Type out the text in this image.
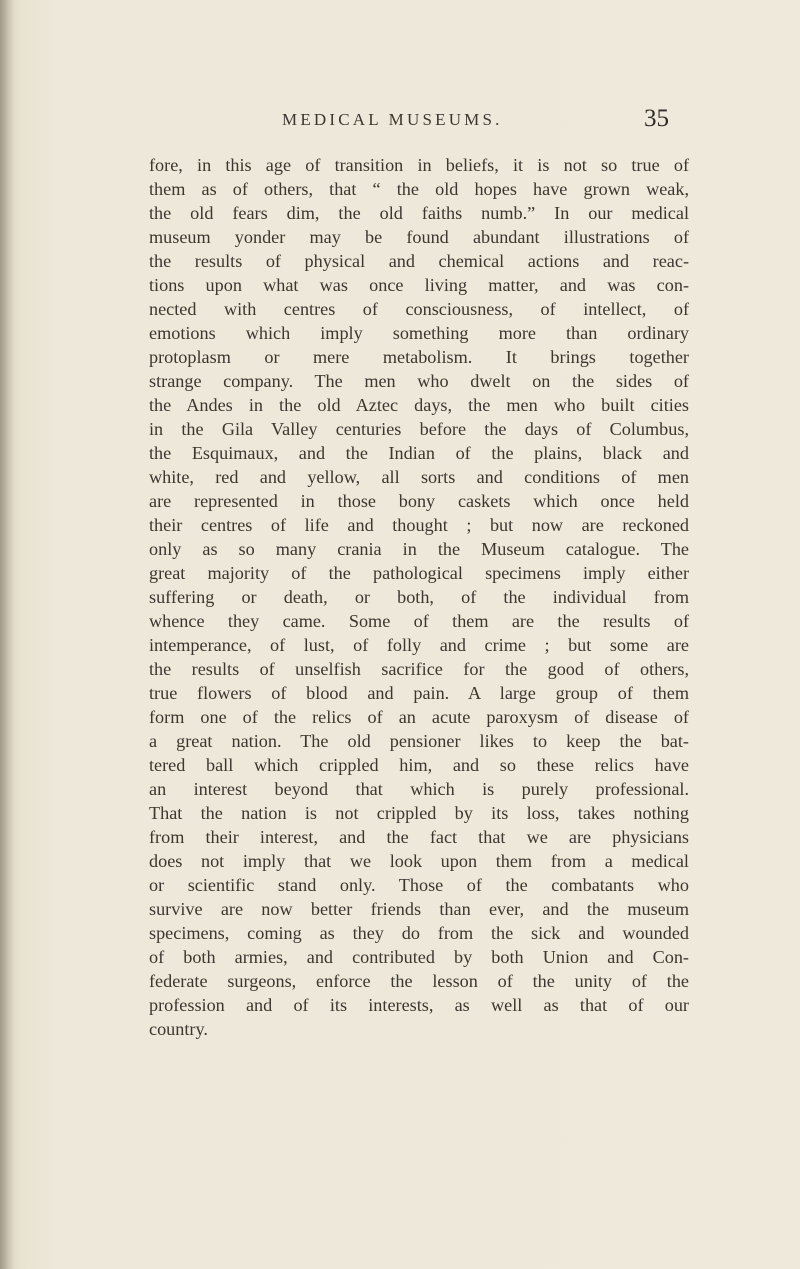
MEDICAL MUSEUMS.	35
fore, in this age of transition in beliefs, it is not so true of
them as of others, that “ the old hopes have grown weak,
the old fears dim, the old faiths numb.” In our medical
museum yonder may be found abundant illustrations of
the results of physical and chemical actions and reac-
tions upon what was once living matter, and was con-
nected with centres of consciousness, of intellect, of
emotions which imply something more than ordinary
protoplasm or mere metabolism. It brings together
strange company. The men who dwelt on the sides of
the Andes in the old Aztec days, the men who built cities
in the Gila Valley centuries before the days of Columbus,
the Esquimaux, and the Indian of the plains, black and
white, red and yellow, all sorts and conditions of men
are represented in those bony caskets which once held
their centres of life and thought ; but now are reckoned
only as so many crania in the Museum catalogue. The
great majority of the pathological specimens imply either
suffering or death, or both, of the individual from
whence they came. Some of them are the results of
intemperance, of lust, of folly and crime ; but some are
the results of unselfish sacrifice for the good of others,
true flowers of blood and pain. A large group of them
form one of the relics of an acute paroxysm of disease of
a great nation. The old pensioner likes to keep the bat-
tered ball which crippled him, and so these relics have
an interest beyond that which is purely professional.
That the nation is not crippled by its loss, takes nothing
from their interest, and the fact that we are physicians
does not imply that we look upon them from a medical
or scientific stand only. Those of the combatants who
survive are now better friends than ever, and the museum
specimens, coming as they do from the sick and wounded
of both armies, and contributed by both Union and Con-
federate surgeons, enforce the lesson of the unity of the
profession and of its interests, as well as that of our
country.
